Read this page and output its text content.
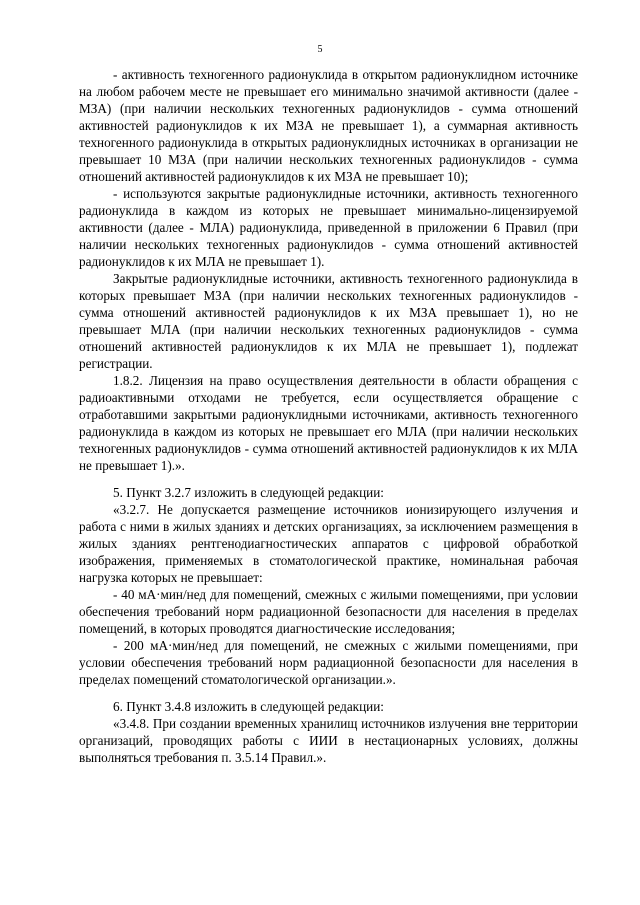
5

- активность техногенного радионуклида в открытом радионуклидном источнике на любом рабочем месте не превышает его минимально значимой активности (далее - МЗА) (при наличии нескольких техногенных радионуклидов - сумма отношений активностей радионуклидов к их МЗА не превышает 1), а суммарная активность техногенного радионуклида в открытых радионуклидных источниках в организации не превышает 10 МЗА (при наличии нескольких техногенных радионуклидов - сумма отношений активностей радионуклидов к их МЗА не превышает 10);

- используются закрытые радионуклидные источники, активность техногенного радионуклида в каждом из которых не превышает минимально-лицензируемой активности (далее - МЛА) радионуклида, приведенной в приложении 6 Правил (при наличии нескольких техногенных радионуклидов - сумма отношений активностей радионуклидов к их МЛА не превышает 1).

Закрытые радионуклидные источники, активность техногенного радионуклида в которых превышает МЗА (при наличии нескольких техногенных радионуклидов - сумма отношений активностей радионуклидов к их МЗА превышает 1), но не превышает МЛА (при наличии нескольких техногенных радионуклидов - сумма отношений активностей радионуклидов к их МЛА не превышает 1), подлежат регистрации.

1.8.2. Лицензия на право осуществления деятельности в области обращения с радиоактивными отходами не требуется, если осуществляется обращение с отработавшими закрытыми радионуклидными источниками, активность техногенного радионуклида в каждом из которых не превышает его МЛА (при наличии нескольких техногенных радионуклидов - сумма отношений активностей радионуклидов к их МЛА не превышает 1).».

5. Пункт 3.2.7 изложить в следующей редакции:

«3.2.7. Не допускается размещение источников ионизирующего излучения и работа с ними в жилых зданиях и детских организациях, за исключением размещения в жилых зданиях рентгенодиагностических аппаратов с цифровой обработкой изображения, применяемых в стоматологической практике, номинальная рабочая нагрузка которых не превышает:

- 40 мА·мин/нед для помещений, смежных с жилыми помещениями, при условии обеспечения требований норм радиационной безопасности для населения в пределах помещений, в которых проводятся диагностические исследования;

- 200 мА·мин/нед для помещений, не смежных с жилыми помещениями, при условии обеспечения требований норм радиационной безопасности для населения в пределах помещений стоматологической организации.».

6. Пункт 3.4.8 изложить в следующей редакции:

«3.4.8. При создании временных хранилищ источников излучения вне территории организаций, проводящих работы с ИИИ в нестационарных условиях, должны выполняться требования п. 3.5.14 Правил.».
